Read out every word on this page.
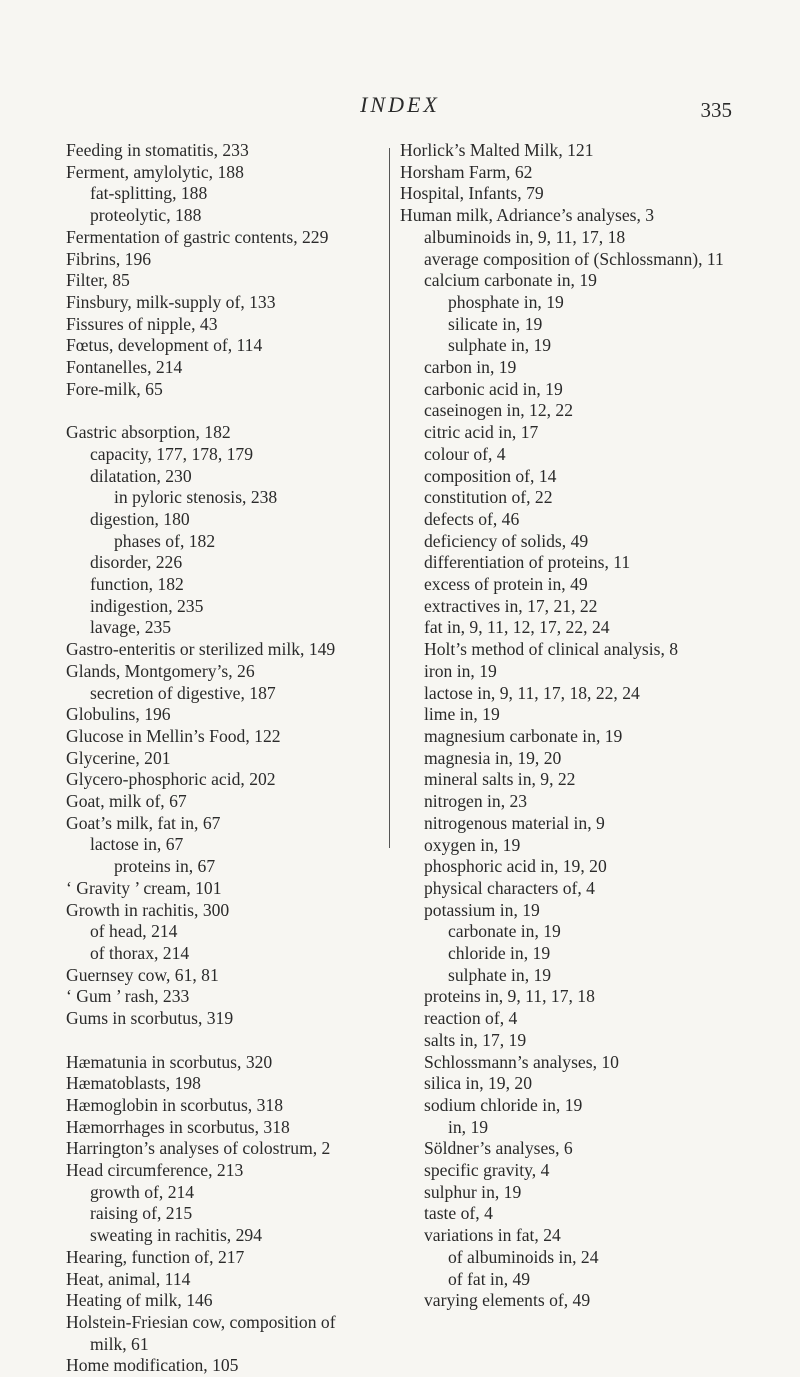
INDEX	335
Feeding in stomatitis, 233
Ferment, amylolytic, 188
fat-splitting, 188
proteolytic, 188
Fermentation of gastric contents, 229
Fibrins, 196
Filter, 85
Finsbury, milk-supply of, 133
Fissures of nipple, 43
Fœtus, development of, 114
Fontanelles, 214
Fore-milk, 65
Gastric absorption, 182
capacity, 177, 178, 179
dilatation, 230
in pyloric stenosis, 238
digestion, 180
phases of, 182
disorder, 226
function, 182
indigestion, 235
lavage, 235
Gastro-enteritis or sterilized milk, 149
Glands, Montgomery’s, 26
secretion of digestive, 187
Globulins, 196
Glucose in Mellin’s Food, 122
Glycerine, 201
Glycero-phosphoric acid, 202
Goat, milk of, 67
Goat’s milk, fat in, 67
lactose in, 67
proteins in, 67
‘ Gravity ’ cream, 101
Growth in rachitis, 300
of head, 214
of thorax, 214
Guernsey cow, 61, 81
‘ Gum ’ rash, 233
Gums in scorbutus, 319
Hæmatunia in scorbutus, 320
Hæmatoblasts, 198
Hæmoglobin in scorbutus, 318
Hæmorrhages in scorbutus, 318
Harrington’s analyses of colostrum, 2
Head circumference, 213
growth of, 214
raising of, 215
sweating in rachitis, 294
Hearing, function of, 217
Heat, animal, 114
Heating of milk, 146
Holstein-Friesian cow, composition of milk, 61
Home modification, 105
Horlick’s Malted Milk, 121
Horsham Farm, 62
Hospital, Infants, 79
Human milk, Adriance’s analyses, 3
albuminoids in, 9, 11, 17, 18
average composition of (Schlossmann), 11
calcium carbonate in, 19
phosphate in, 19
silicate in, 19
sulphate in, 19
carbon in, 19
carbonic acid in, 19
caseinogen in, 12, 22
citric acid in, 17
colour of, 4
composition of, 14
constitution of, 22
defects of, 46
deficiency of solids, 49
differentiation of proteins, 11
excess of protein in, 49
extractives in, 17, 21, 22
fat in, 9, 11, 12, 17, 22, 24
Holt’s method of clinical analysis, 8
iron in, 19
lactose in, 9, 11, 17, 18, 22, 24
lime in, 19
magnesium carbonate in, 19
magnesia in, 19, 20
mineral salts in, 9, 22
nitrogen in, 23
nitrogenous material in, 9
oxygen in, 19
phosphoric acid in, 19, 20
physical characters of, 4
potassium in, 19
carbonate in, 19
chloride in, 19
sulphate in, 19
proteins in, 9, 11, 17, 18
reaction of, 4
salts in, 17, 19
Schlossmann’s analyses, 10
silica in, 19, 20
sodium chloride in, 19
in, 19
Söldner’s analyses, 6
specific gravity, 4
sulphur in, 19
taste of, 4
variations in fat, 24
of albuminoids in, 24
of fat in, 49
varying elements of, 49
